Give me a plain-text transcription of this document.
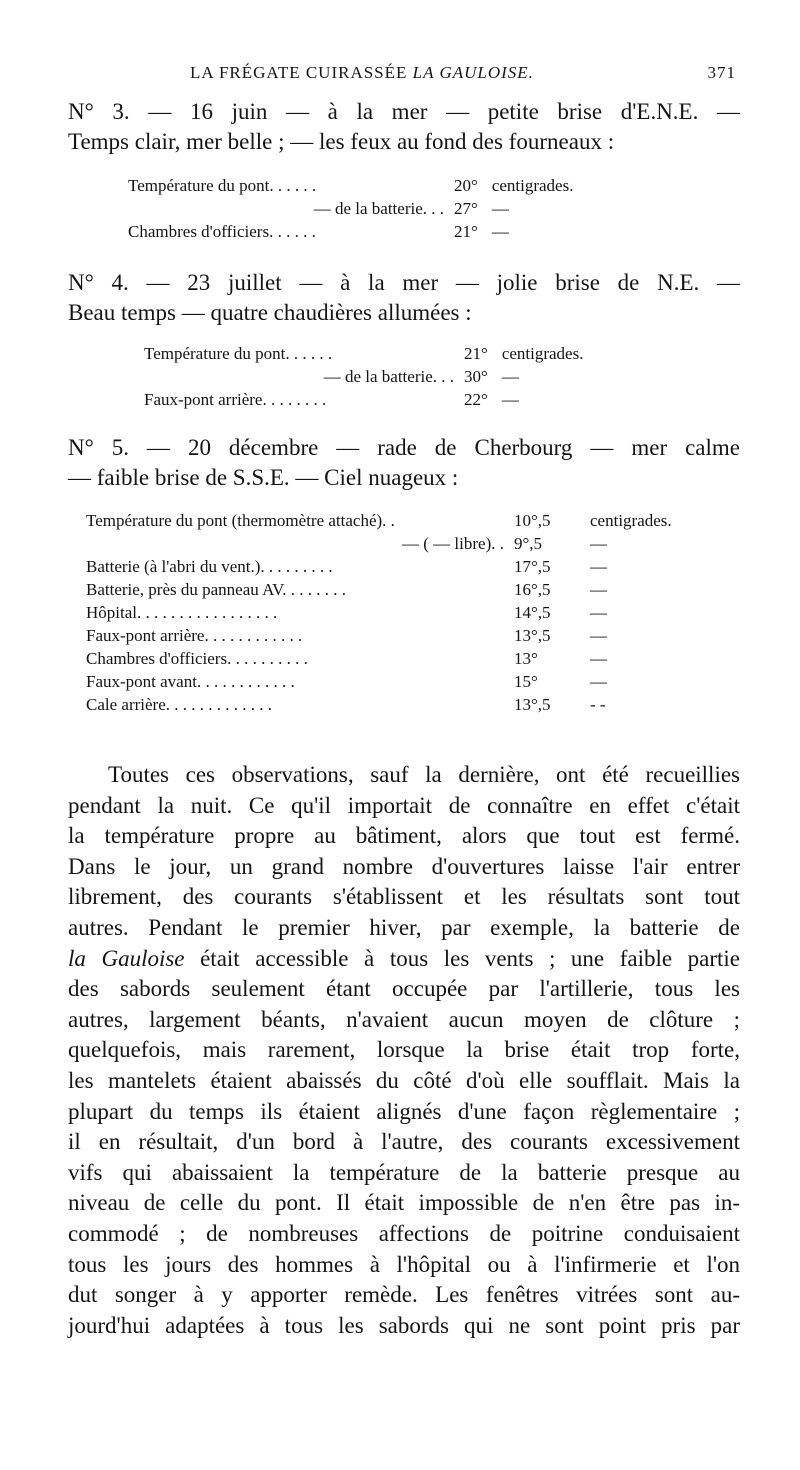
LA FRÉGATE CUIRASSÉE LA GAULOISE.	371
N° 3. — 16 juin — à la mer — petite brise d'E.N.E. —
Temps clair, mer belle ; — les feux au fond des fourneaux :
Température du pont. . . . . .	20°	centigrades.
— de la batterie. . .	27°	—
Chambres d'officiers. . . . . .	21°	—
N° 4. — 23 juillet — à la mer — jolie brise de N.E. —
Beau temps — quatre chaudières allumées :
Température du pont. . . . . .	21°	centigrades.
— de la batterie. . .	30°	—
Faux-pont arrière. . . . . . . .	22°	—
N° 5. — 20 décembre — rade de Cherbourg — mer calme
— faible brise de S.S.E. — Ciel nuageux :
Température du pont (thermomètre attaché). .	10°,5	centigrades.
— ( — libre). .	9°,5	—
Batterie (à l'abri du vent.). . . . . . . . .	17°,5	—
Batterie, près du panneau AV. . . . . . . .	16°,5	—
Hôpital. . . . . . . . . . . . . . . . .	14°,5	—
Faux-pont arrière. . . . . . . . . . . .	13°,5	—
Chambres d'officiers. . . . . . . . . .	13°	—
Faux-pont avant. . . . . . . . . . . .	15°	—
Cale arrière. . . . . . . . . . . . .	13°,5	- -
Toutes ces observations, sauf la dernière, ont été recueillies
pendant la nuit. Ce qu'il importait de connaître en effet c'était
la température propre au bâtiment, alors que tout est fermé.
Dans le jour, un grand nombre d'ouvertures laisse l'air entrer
librement, des courants s'établissent et les résultats sont tout
autres. Pendant le premier hiver, par exemple, la batterie de
la Gauloise était accessible à tous les vents ; une faible partie
des sabords seulement étant occupée par l'artillerie, tous les
autres, largement béants, n'avaient aucun moyen de clôture ;
quelquefois, mais rarement, lorsque la brise était trop forte,
les mantelets étaient abaissés du côté d'où elle soufflait. Mais la
plupart du temps ils étaient alignés d'une façon règlementaire ;
il en résultait, d'un bord à l'autre, des courants excessivement
vifs qui abaissaient la température de la batterie presque au
niveau de celle du pont. Il était impossible de n'en être pas in-
commodé ; de nombreuses affections de poitrine conduisaient
tous les jours des hommes à l'hôpital ou à l'infirmerie et l'on
dut songer à y apporter remède. Les fenêtres vitrées sont au-
jourd'hui adaptées à tous les sabords qui ne sont point pris par
